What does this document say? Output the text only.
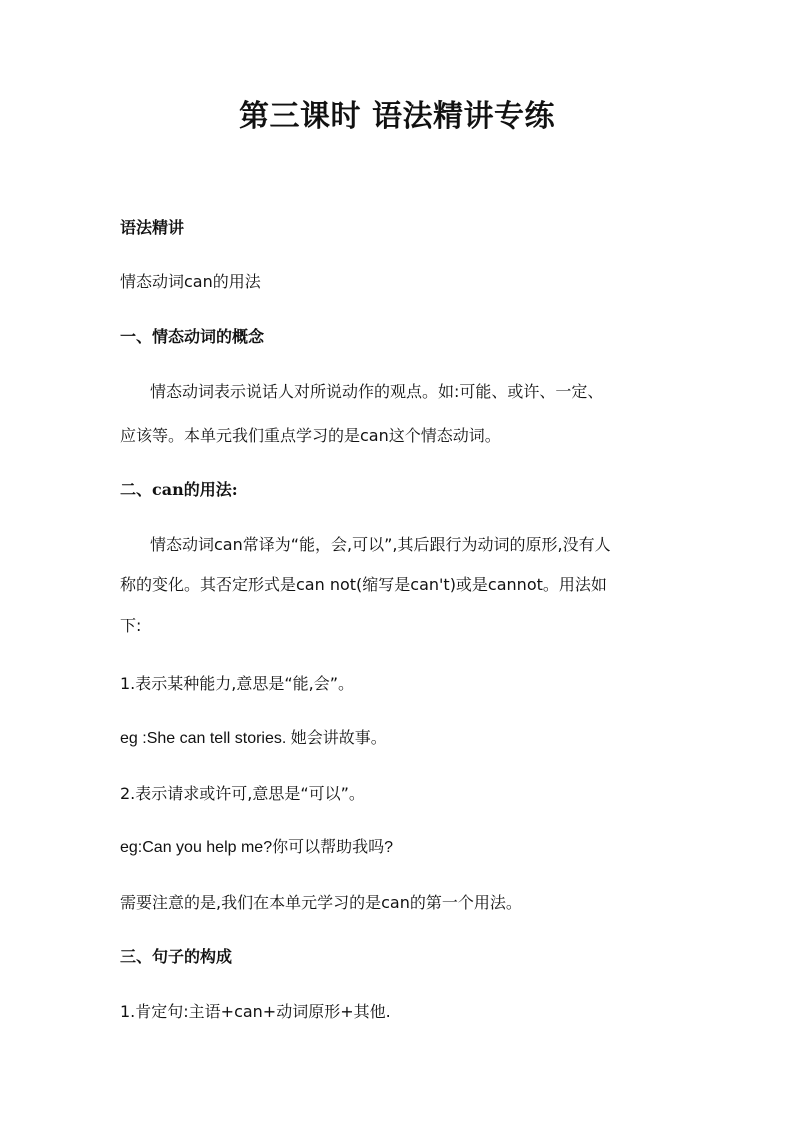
第三课时 语法精讲专练
语法精讲
情态动词can的用法
一、情态动词的概念
情态动词表示说话人对所说动作的观点。如:可能、或许、一定、
应该等。本单元我们重点学习的是can这个情态动词。
二、can的用法:
情态动词can常译为“能，会,可以”,其后跟行为动词的原形,没有人
称的变化。其否定形式是can not(缩写是can't)或是cannot。用法如
下:
1.表示某种能力,意思是“能,会”。
eg :She can tell stories. 她会讲故事。
2.表示请求或许可,意思是“可以”。
eg:Can you help me?你可以帮助我吗?
需要注意的是,我们在本单元学习的是can的第一个用法。
三、句子的构成
1.肯定句:主语+can+动词原形+其他.
